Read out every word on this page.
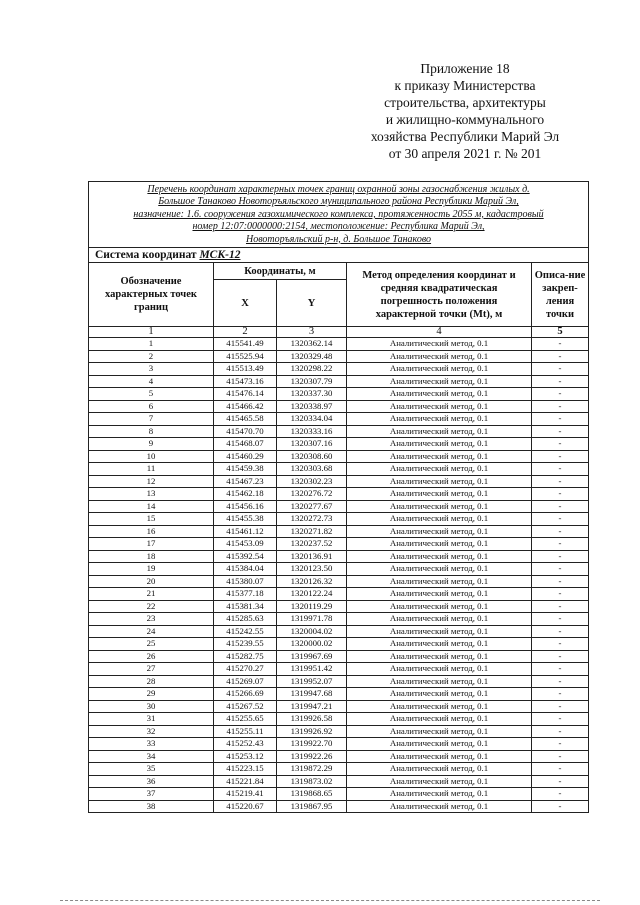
Приложение 18
к приказу Министерства
строительства, архитектуры
и жилищно-коммунального
хозяйства Республики Марий Эл
от 30 апреля 2021 г. № 201
Перечень координат характерных точек границ охранной зоны газоснабжения жилых д.
Большое Танаково Новоторъяльского муниципального района Республики Марий Эл,
назначение: 1.6. сооружения газохимического комплекса, протяженность 2055 м, кадастровый
номер 12:07:0000000:2154, местоположение: Республика Марий Эл,
Новоторъяльский р-н, д. Большое Танаково				

Система координат МСК-12				
Обозначение характерных точек границ	Координаты, м		Метод определения координат и средняя квадратическая погрешность положения характерной точки (Mt), м	Описа-ние закреп-ления точки
	X	Y		
1	2	3	4	5
1	415541.49	1320362.14	Аналитический метод, 0.1	-
2	415525.94	1320329.48	Аналитический метод, 0.1	-
3	415513.49	1320298.22	Аналитический метод, 0.1	-
4	415473.16	1320307.79	Аналитический метод, 0.1	-
5	415476.14	1320337.30	Аналитический метод, 0.1	-
6	415466.42	1320338.97	Аналитический метод, 0.1	-
7	415465.58	1320334.04	Аналитический метод, 0.1	-
8	415470.70	1320333.16	Аналитический метод, 0.1	-
9	415468.07	1320307.16	Аналитический метод, 0.1	-
10	415460.29	1320308.60	Аналитический метод, 0.1	-
11	415459.38	1320303.68	Аналитический метод, 0.1	-
12	415467.23	1320302.23	Аналитический метод, 0.1	-
13	415462.18	1320276.72	Аналитический метод, 0.1	-
14	415456.16	1320277.67	Аналитический метод, 0.1	-
15	415455.38	1320272.73	Аналитический метод, 0.1	-
16	415461.12	1320271.82	Аналитический метод, 0.1	-
17	415453.09	1320237.52	Аналитический метод, 0.1	-
18	415392.54	1320136.91	Аналитический метод, 0.1	-
19	415384.04	1320123.50	Аналитический метод, 0.1	-
20	415380.07	1320126.32	Аналитический метод, 0.1	-
21	415377.18	1320122.24	Аналитический метод, 0.1	-
22	415381.34	1320119.29	Аналитический метод, 0.1	-
23	415285.63	1319971.78	Аналитический метод, 0.1	-
24	415242.55	1320004.02	Аналитический метод, 0.1	-
25	415239.55	1320000.02	Аналитический метод, 0.1	-
26	415282.75	1319967.69	Аналитический метод, 0.1	-
27	415270.27	1319951.42	Аналитический метод, 0.1	-
28	415269.07	1319952.07	Аналитический метод, 0.1	-
29	415266.69	1319947.68	Аналитический метод, 0.1	-
30	415267.52	1319947.21	Аналитический метод, 0.1	-
31	415255.65	1319926.58	Аналитический метод, 0.1	-
32	415255.11	1319926.92	Аналитический метод, 0.1	-
33	415252.43	1319922.70	Аналитический метод, 0.1	-
34	415253.12	1319922.26	Аналитический метод, 0.1	-
35	415223.15	1319872.29	Аналитический метод, 0.1	-
36	415221.84	1319873.02	Аналитический метод, 0.1	-
37	415219.41	1319868.65	Аналитический метод, 0.1	-
38	415220.67	1319867.95	Аналитический метод, 0.1	-
